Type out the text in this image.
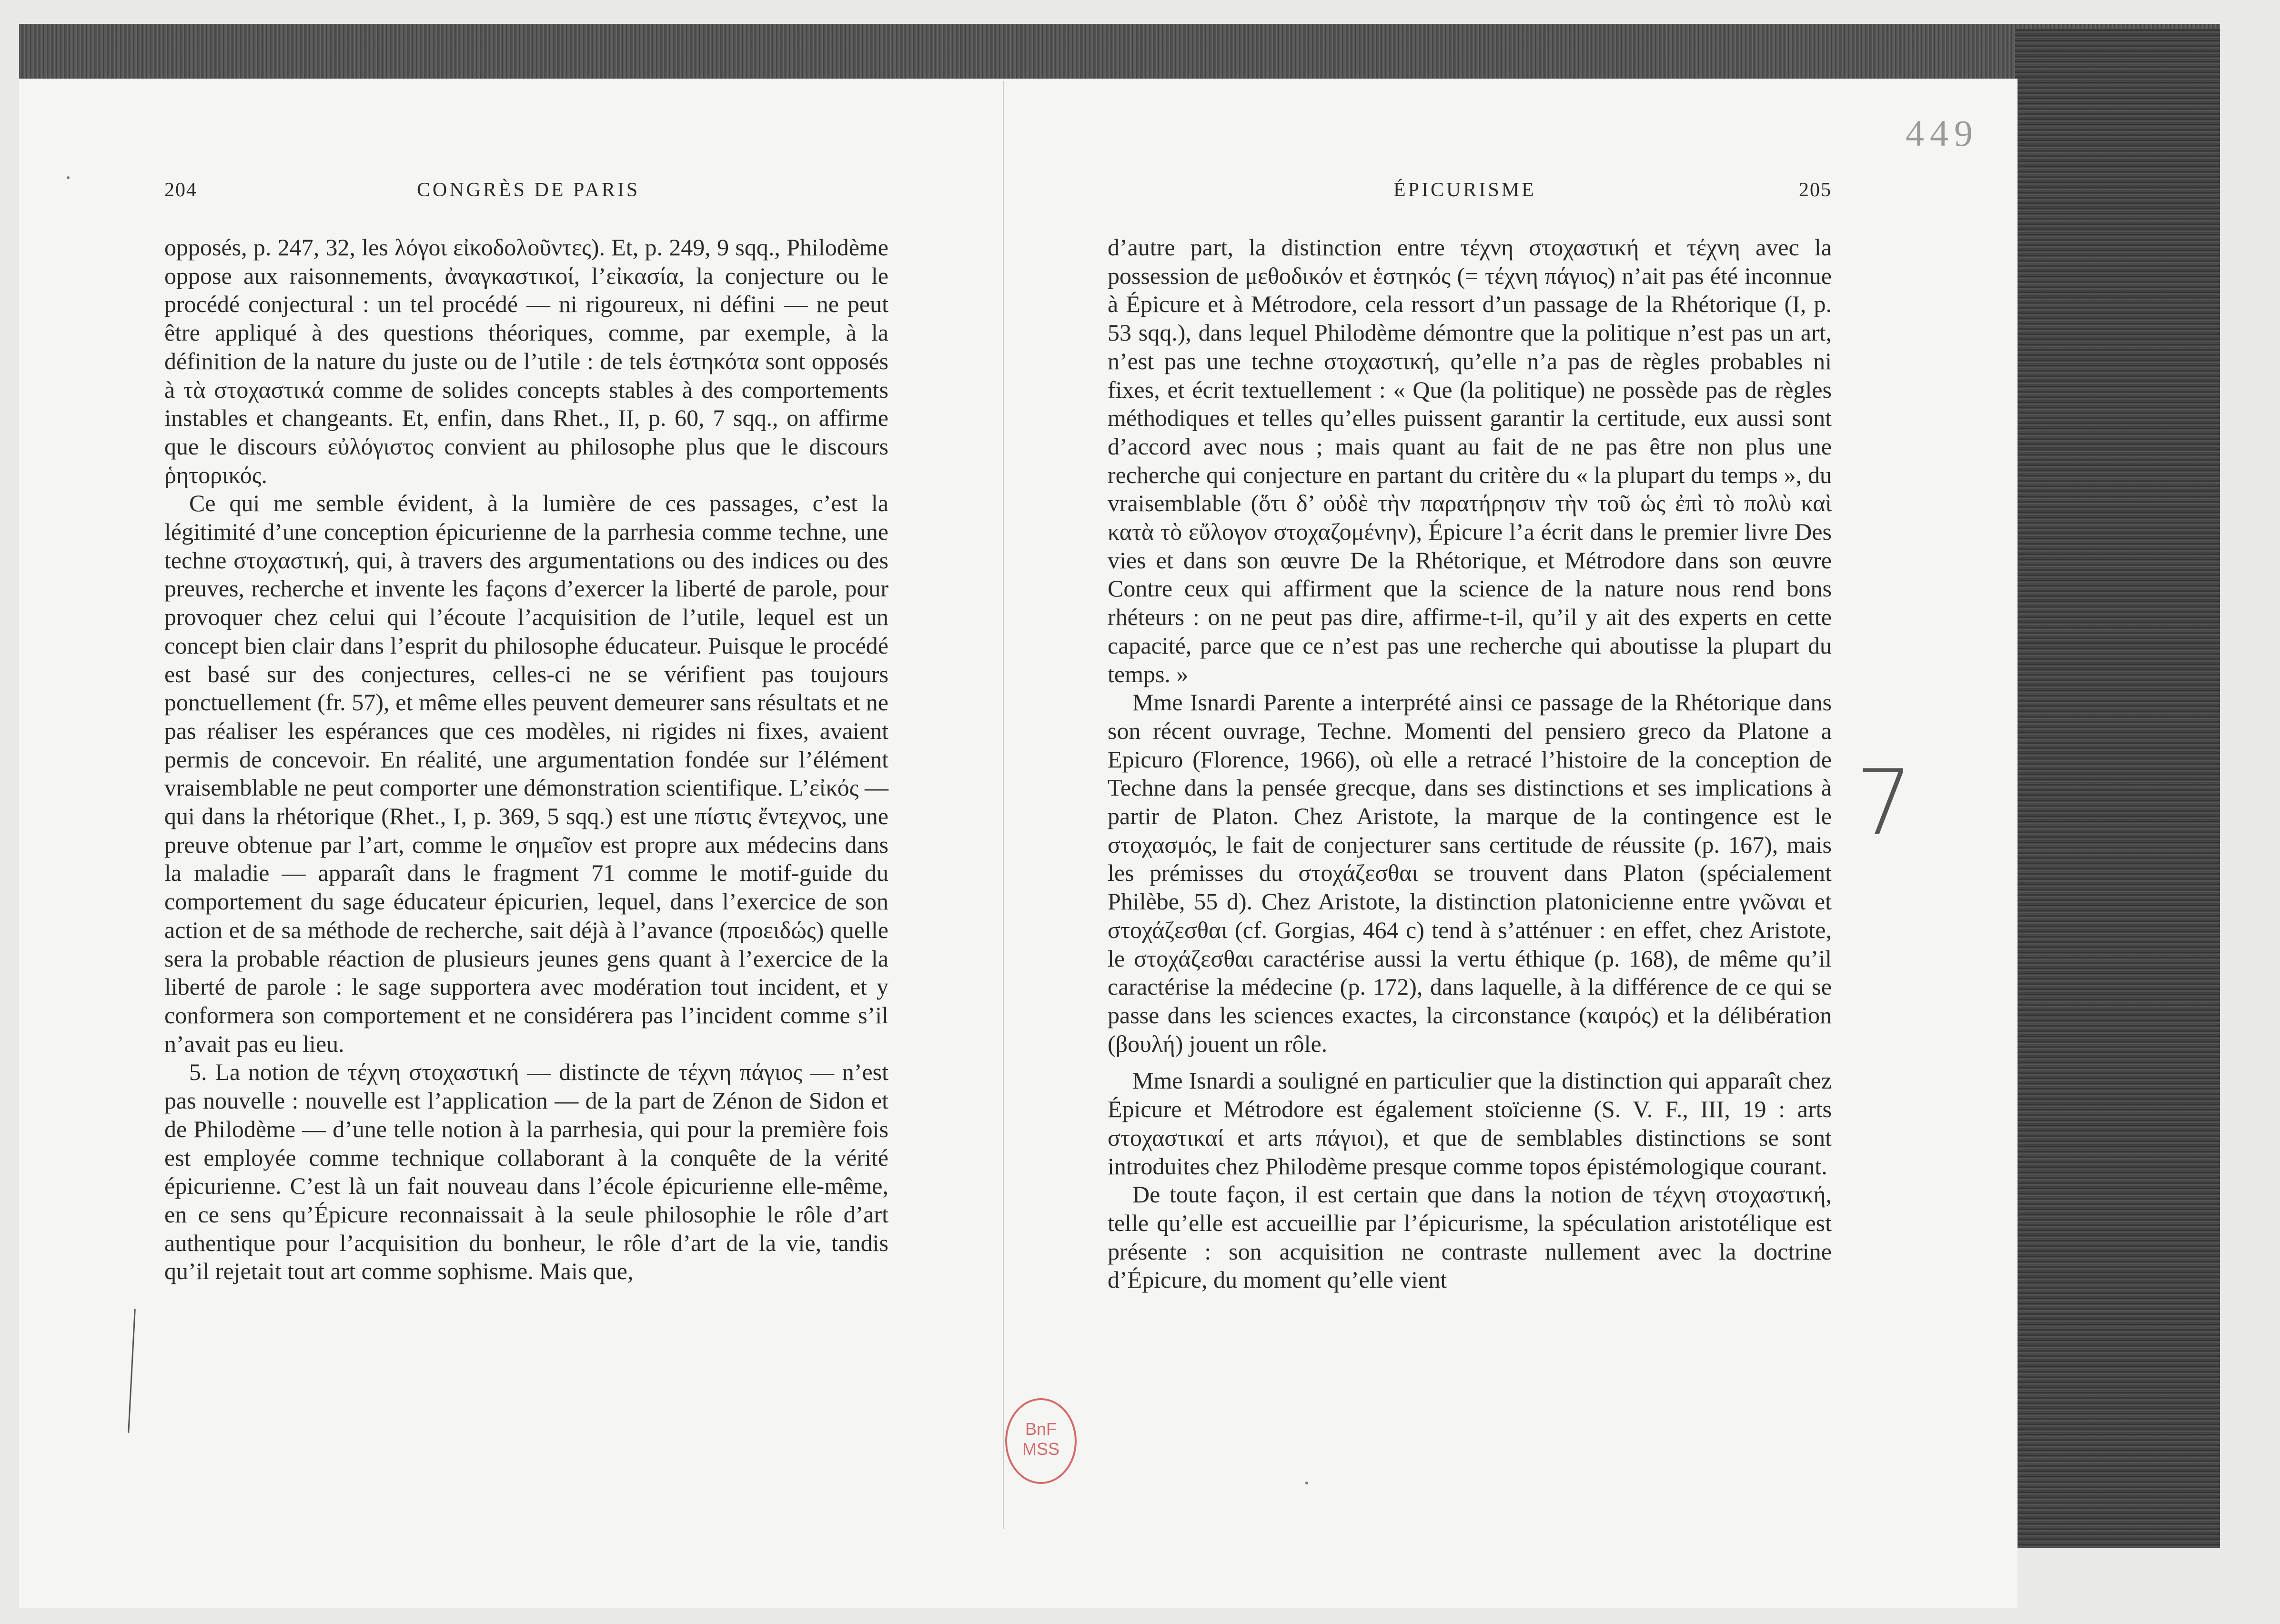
449
204	CONGRÈS DE PARIS

opposés, p. 247, 32, les λόγοι εἰκοδολοῦντες). Et, p. 249, 9 sqq., Philodème oppose aux raisonnements, ἀναγκαστικοί, l’εἰκασία, la conjecture ou le procédé conjectural : un tel procédé — ni rigoureux, ni défini — ne peut être appliqué à des questions théoriques, comme, par exemple, à la définition de la nature du juste ou de l’utile : de tels ἑστηκότα sont opposés à τὰ στοχαστικά comme de solides concepts stables à des comportements instables et changeants. Et, enfin, dans Rhet., II, p. 60, 7 sqq., on affirme que le discours εὐλόγιστος convient au philosophe plus que le discours ῥητορικός.

Ce qui me semble évident, à la lumière de ces passages, c’est la légitimité d’une conception épicurienne de la parrhesia comme techne, une techne στοχαστική, qui, à travers des argumentations ou des indices ou des preuves, recherche et invente les façons d’exercer la liberté de parole, pour provoquer chez celui qui l’écoute l’acquisition de l’utile, lequel est un concept bien clair dans l’esprit du philosophe éducateur. Puisque le procédé est basé sur des conjectures, celles-ci ne se vérifient pas toujours ponctuellement (fr. 57), et même elles peuvent demeurer sans résultats et ne pas réaliser les espérances que ces modèles, ni rigides ni fixes, avaient permis de concevoir. En réalité, une argumentation fondée sur l’élément vraisemblable ne peut comporter une démonstration scientifique. L’εἰκός — qui dans la rhétorique (Rhet., I, p. 369, 5 sqq.) est une πίστις ἔντεχνος, une preuve obtenue par l’art, comme le σημεῖον est propre aux médecins dans la maladie — apparaît dans le fragment 71 comme le motif-guide du comportement du sage éducateur épicurien, lequel, dans l’exercice de son action et de sa méthode de recherche, sait déjà à l’avance (προειδώς) quelle sera la probable réaction de plusieurs jeunes gens quant à l’exercice de la liberté de parole : le sage supportera avec modération tout incident, et y conformera son comportement et ne considérera pas l’incident comme s’il n’avait pas eu lieu.

5. La notion de τέχνη στοχαστική — distincte de τέχνη πάγιος — n’est pas nouvelle : nouvelle est l’application — de la part de Zénon de Sidon et de Philodème — d’une telle notion à la parrhesia, qui pour la première fois est employée comme technique collaborant à la conquête de la vérité épicurienne. C’est là un fait nouveau dans l’école épicurienne elle-même, en ce sens qu’Épicure reconnaissait à la seule philosophie le rôle d’art authentique pour l’acquisition du bonheur, le rôle d’art de la vie, tandis qu’il rejetait tout art comme sophisme. Mais que,

ÉPICURISME	205

d’autre part, la distinction entre τέχνη στοχαστική et τέχνη avec la possession de μεθοδικόν et ἑστηκός (= τέχνη πάγιος) n’ait pas été inconnue à Épicure et à Métrodore, cela ressort d’un passage de la Rhétorique (I, p. 53 sqq.), dans lequel Philodème démontre que la politique n’est pas un art, n’est pas une techne στοχαστική, qu’elle n’a pas de règles probables ni fixes, et écrit textuellement : « Que (la politique) ne possède pas de règles méthodiques et telles qu’elles puissent garantir la certitude, eux aussi sont d’accord avec nous ; mais quant au fait de ne pas être non plus une recherche qui conjecture en partant du critère du « la plupart du temps », du vraisemblable (ὅτι δ’ οὐδὲ τὴν παρατήρησιν τὴν τοῦ ὡς ἐπὶ τὸ πολὺ καὶ κατὰ τὸ εὔλογον στοχαζομένην), Épicure l’a écrit dans le premier livre Des vies et dans son œuvre De la Rhétorique, et Métrodore dans son œuvre Contre ceux qui affirment que la science de la nature nous rend bons rhéteurs : on ne peut pas dire, affirme-t-il, qu’il y ait des experts en cette capacité, parce que ce n’est pas une recherche qui aboutisse la plupart du temps. »

Mme Isnardi Parente a interprété ainsi ce passage de la Rhétorique dans son récent ouvrage, Techne. Momenti del pensiero greco da Platone a Epicuro (Florence, 1966), où elle a retracé l’histoire de la conception de Techne dans la pensée grecque, dans ses distinctions et ses implications à partir de Platon. Chez Aristote, la marque de la contingence est le στοχασμός, le fait de conjecturer sans certitude de réussite (p. 167), mais les prémisses du στοχάζεσθαι se trouvent dans Platon (spécialement Philèbe, 55 d). Chez Aristote, la distinction platonicienne entre γνῶναι et στοχάζεσθαι (cf. Gorgias, 464 c) tend à s’atténuer : en effet, chez Aristote, le στοχάζεσθαι caractérise aussi la vertu éthique (p. 168), de même qu’il caractérise la médecine (p. 172), dans laquelle, à la différence de ce qui se passe dans les sciences exactes, la circonstance (καιρός) et la délibération (βουλή) jouent un rôle.

Mme Isnardi a souligné en particulier que la distinction qui apparaît chez Épicure et Métrodore est également stoïcienne (S. V. F., III, 19 : arts στοχαστικαί et arts πάγιοι), et que de semblables distinctions se sont introduites chez Philodème presque comme topos épistémologique courant.

De toute façon, il est certain que dans la notion de τέχνη στοχαστική, telle qu’elle est accueillie par l’épicurisme, la spéculation aristotélique est présente : son acquisition ne contraste nullement avec la doctrine d’Épicure, du moment qu’elle vient

7
BnF
MSS
